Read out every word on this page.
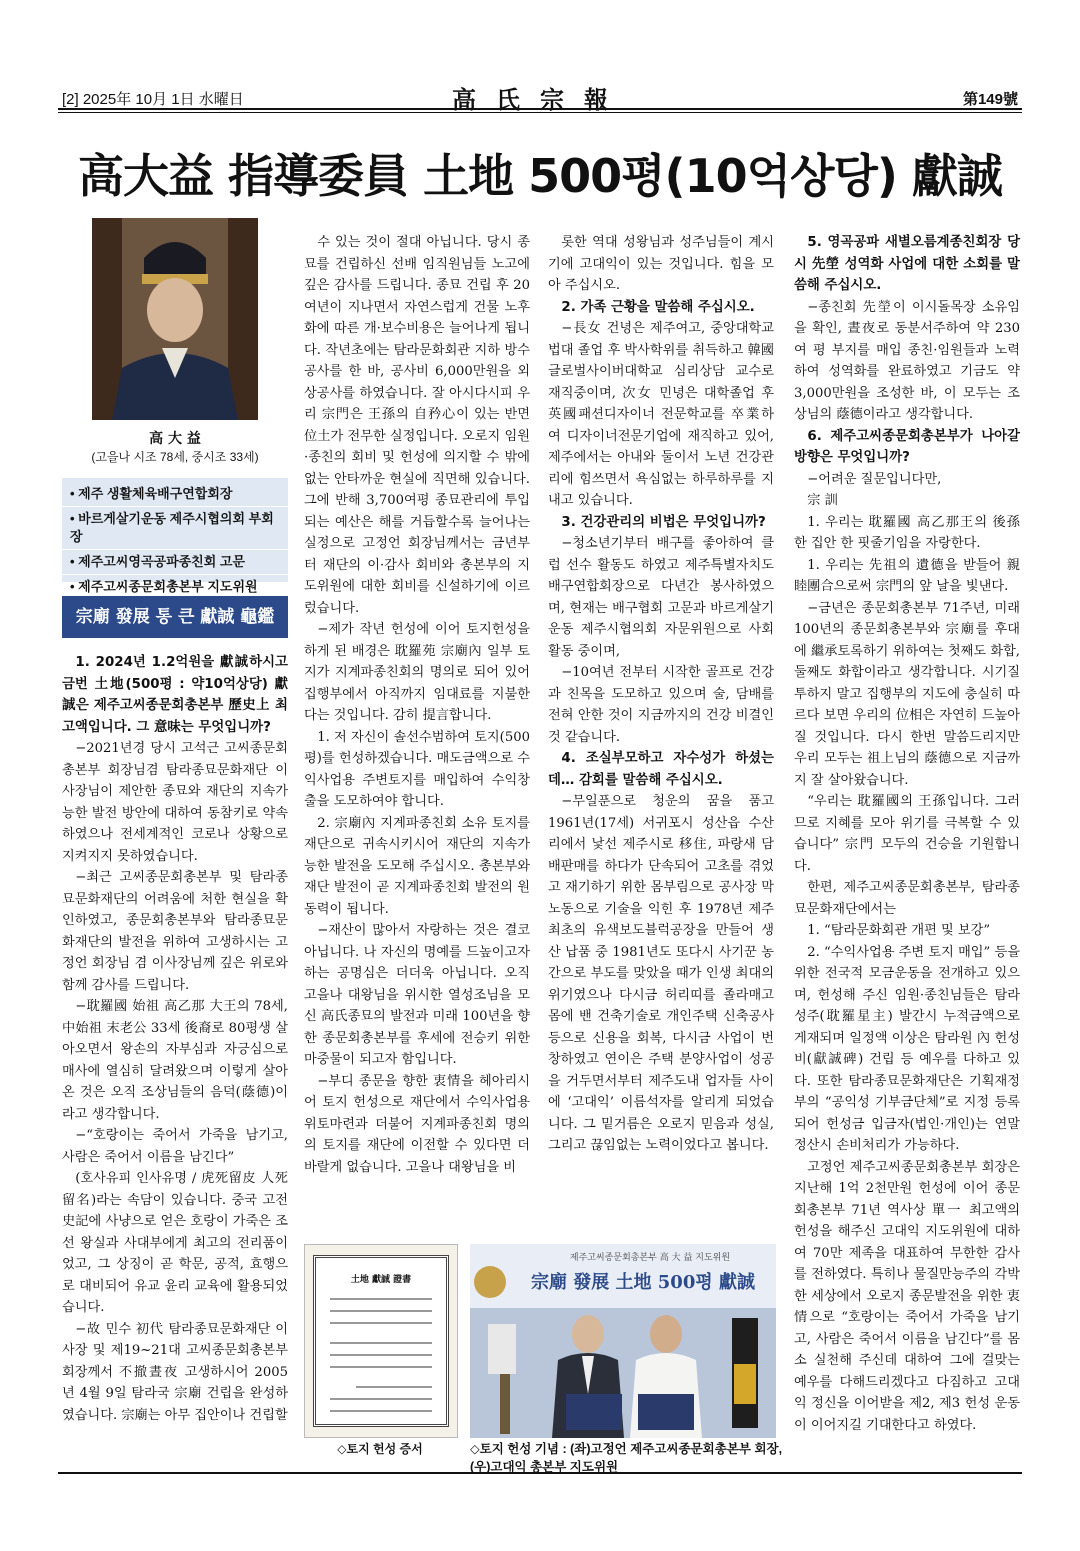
[2] 2025年 10月 1日 水曜日	高氏宗報	第149號
高大益 指導委員 土地 500평(10억상당) 獻誠
高 大 益
(고을나 시조 78세, 중시조 33세)
• 제주 생활체육배구연합회장
• 바르게살기운동 제주시협의회 부회장
• 제주고씨영곡공파종친회 고문
• 제주고씨종문회총본부 지도위원
宗廟 發展 통 큰 獻誠 龜鑑

1. 2024년 1.2억원을 獻誠하시고 금번 土地(500평 : 약10억상당) 獻誠은 제주고씨종문회총본부 歷史上 최고액입니다. 그 意味는 무엇입니까?

−2021년경 당시 고석근 고씨종문회총본부 회장님겸 탐라종묘문화재단 이사장님이 제안한 종묘와 재단의 지속가능한 발전 방안에 대하여 동참키로 약속하였으나 전세계적인 코로나 상황으로 지켜지지 못하였습니다.

−최근 고씨종문회총본부 및 탐라종묘문화재단의 어려움에 처한 현실을 확인하였고, 종문회총본부와 탐라종묘문화재단의 발전을 위하여 고생하시는 고정언 회장님 겸 이사장님께 깊은 위로와 함께 감사를 드립니다.

−耽羅國 始祖 高乙那 大王의 78세, 中始祖 末老公 33세 後裔로 80평생 살아오면서 왕손의 자부심과 자긍심으로 매사에 열심히 달려왔으며 이렇게 살아온 것은 오직 조상님들의 음덕(蔭德)이라고 생각합니다.

−“호랑이는 죽어서 가죽을 남기고, 사람은 죽어서 이름을 남긴다”

(호사유피 인사유명 / 虎死留皮 人死留名)라는 속담이 있습니다. 중국 고전 史記에 사냥으로 얻은 호랑이 가죽은 조선 왕실과 사대부에게 최고의 전리품이었고, 그 상징이 곧 학문, 공적, 효행으로 대비되어 유교 윤리 교육에 활용되었습니다.

−故 민수 初代 탐라종묘문화재단 이사장 및 제19~21대 고씨종문회총본부 회장께서 不撤晝夜 고생하시어 2005년 4월 9일 탐라국 宗廟 건립을 완성하였습니다. 宗廟는 아무 집안이나 건립할

수 있는 것이 절대 아닙니다. 당시 종묘를 건립하신 선배 임직원님들 노고에 깊은 감사를 드립니다. 종묘 건립 후 20여년이 지나면서 자연스럽게 건물 노후화에 따른 개·보수비용은 늘어나게 됩니다. 작년초에는 탐라문화회관 지하 방수공사를 한 바, 공사비 6,000만원을 외상공사를 하였습니다. 잘 아시다시피 우리 宗門은 王孫의 自矜心이 있는 반면 位土가 전무한 실정입니다. 오로지 임원·종친의 회비 및 헌성에 의지할 수 밖에 없는 안타까운 현실에 직면해 있습니다. 그에 반해 3,700여평 종묘관리에 투입되는 예산은 해를 거듭할수록 늘어나는 실정으로 고정언 회장님께서는 금년부터 재단의 이·감사 회비와 총본부의 지도위원에 대한 회비를 신설하기에 이르렀습니다.

−제가 작년 헌성에 이어 토지헌성을 하게 된 배경은 耽羅苑 宗廟內 일부 토지가 지계파종친회의 명의로 되어 있어 집행부에서 아직까지 임대료를 지불한다는 것입니다. 감히 提言합니다.

1. 저 자신이 솔선수범하여 토지(500평)를 헌성하겠습니다. 매도금액으로 수익사업용 주변토지를 매입하여 수익창출을 도모하여야 합니다.

2. 宗廟內 지계파종친회 소유 토지를 재단으로 귀속시키시어 재단의 지속가능한 발전을 도모해 주십시오. 총본부와 재단 발전이 곧 지계파종친회 발전의 원동력이 됩니다.

−재산이 많아서 자랑하는 것은 결코 아닙니다. 나 자신의 명예를 드높이고자 하는 공명심은 더더욱 아닙니다. 오직 고을나 대왕님을 위시한 열성조님을 모신 高氏종묘의 발전과 미래 100년을 향한 종문회총본부를 후세에 전승키 위한 마중물이 되고자 함입니다.

−부디 종문을 향한 衷情을 헤아리시어 토지 헌성으로 재단에서 수익사업용 위토마련과 더불어 지계파종친회 명의의 토지를 재단에 이전할 수 있다면 더 바랄게 없습니다. 고을나 대왕님을 비

롯한 역대 성왕님과 성주님들이 계시기에 고대익이 있는 것입니다. 힘을 모아 주십시오.

2. 가족 근황을 말씀해 주십시오.

−長女 건녕은 제주여고, 중앙대학교 법대 졸업 후 박사학위를 취득하고 韓國글로벌사이버대학교 심리상담 교수로 재직중이며, 次女 민녕은 대학졸업 후 英國패션디자이너 전문학교를 卒業하여 디자이너전문기업에 재직하고 있어, 제주에서는 아내와 둘이서 노년 건강관리에 힘쓰면서 욕심없는 하루하루를 지내고 있습니다.

3. 건강관리의 비법은 무엇입니까?

−청소년기부터 배구를 좋아하여 클럽 선수 활동도 하였고 제주특별자치도 배구연합회장으로 다년간 봉사하였으며, 현재는 배구협회 고문과 바르게살기운동 제주시협의회 자문위원으로 사회 활동 중이며,

−10여년 전부터 시작한 골프로 건강과 친목을 도모하고 있으며 술, 담배를 전혀 안한 것이 지금까지의 건강 비결인 것 같습니다.

4. 조실부모하고 자수성가 하셨는데… 감회를 말씀해 주십시오.

−무일푼으로 청운의 꿈을 품고 1961년(17세) 서귀포시 성산읍 수산리에서 낯선 제주시로 移住, 파랑새 담배판매를 하다가 단속되어 고초를 겪었고 재기하기 위한 몸부림으로 공사장 막노동으로 기술을 익힌 후 1978년 제주 최초의 유색보도블럭공장을 만들어 생산 납품 중 1981년도 또다시 사기꾼 농간으로 부도를 맞았을 때가 인생 최대의 위기였으나 다시금 허리띠를 졸라매고 몸에 밴 건축기술로 개인주택 신축공사 등으로 신용을 회복, 다시금 사업이 번창하였고 연이은 주택 분양사업이 성공을 거두면서부터 제주도내 업자들 사이에 ‘고대익’ 이름석자를 알리게 되었습니다. 그 밑거름은 오로지 믿음과 성실, 그리고 끊임없는 노력이었다고 봅니다.

5. 영곡공파 새별오름계종친회장 당시 先塋 성역화 사업에 대한 소회를 말씀해 주십시오.

−종친회 先塋이 이시돌목장 소유임을 확인, 晝夜로 동분서주하여 약 230여 평 부지를 매입 종친·임원들과 노력하여 성역화를 완료하였고 기금도 약 3,000만원을 조성한 바, 이 모두는 조상님의 蔭德이라고 생각합니다.

6. 제주고씨종문회총본부가 나아갈 방향은 무엇입니까?

−어려운 질문입니다만,

宗 訓

1. 우리는 耽羅國 高乙那王의 後孫 한 집안 한 핏줄기임을 자랑한다.

1. 우리는 先祖의 遺德을 받들어 親睦團合으로써 宗門의 앞 날을 빛낸다.

−금년은 종문회총본부 71주년, 미래 100년의 종문회총본부와 宗廟를 후대에 繼承토록하기 위하여는 첫째도 화합, 둘째도 화합이라고 생각합니다. 시기질투하지 말고 집행부의 지도에 충실히 따르다 보면 우리의 位相은 자연히 드높아질 것입니다. 다시 한번 말씀드리지만 우리 모두는 祖上님의 蔭德으로 지금까지 잘 살아왔습니다.

“우리는 耽羅國의 王孫입니다. 그러므로 지혜를 모아 위기를 극복할 수 있습니다” 宗門 모두의 건승을 기원합니다.

한편, 제주고씨종문회총본부, 탐라종묘문화재단에서는

1. “탐라문화회관 개편 및 보강”

2. “수익사업용 주변 토지 매입” 등을 위한 전국적 모금운동을 전개하고 있으며, 헌성해 주신 임원·종친님들은 탐라성주(耽羅星主) 발간시 누적금액으로 게재되며 일정액 이상은 탐라원 內 헌성비(獻誠碑) 건립 등 예우를 다하고 있다. 또한 탐라종묘문화재단은 기획재정부의 “공익성 기부금단체”로 지정 등록되어 헌성금 입금자(법인·개인)는 연말정산시 손비처리가 가능하다.

고정언 제주고씨종문회총본부 회장은 지난해 1억 2천만원 헌성에 이어 종문회총본부 71년 역사상 單一 최고액의 헌성을 해주신 고대익 지도위원에 대하여 70만 제족을 대표하여 무한한 감사를 전하였다. 특히나 물질만능주의 각박한 세상에서 오로지 종문발전을 위한 衷情으로 “호랑이는 죽어서 가죽을 남기고, 사람은 죽어서 이름을 남긴다”를 몸소 실천해 주신데 대하여 그에 걸맞는 예우를 다해드리겠다고 다짐하고 고대익 정신을 이어받을 제2, 제3 헌성 운동이 이어지길 기대한다고 하였다.

土地 獻誠 證書
◇토지 헌성 증서
제주고씨종문회총본부 高 大 益 지도위원
宗廟 發展 土地 500평 獻誠
◇토지 헌성 기념 : (좌)고정언 제주고씨종문회총본부 회장, (우)고대익 총본부 지도위원
